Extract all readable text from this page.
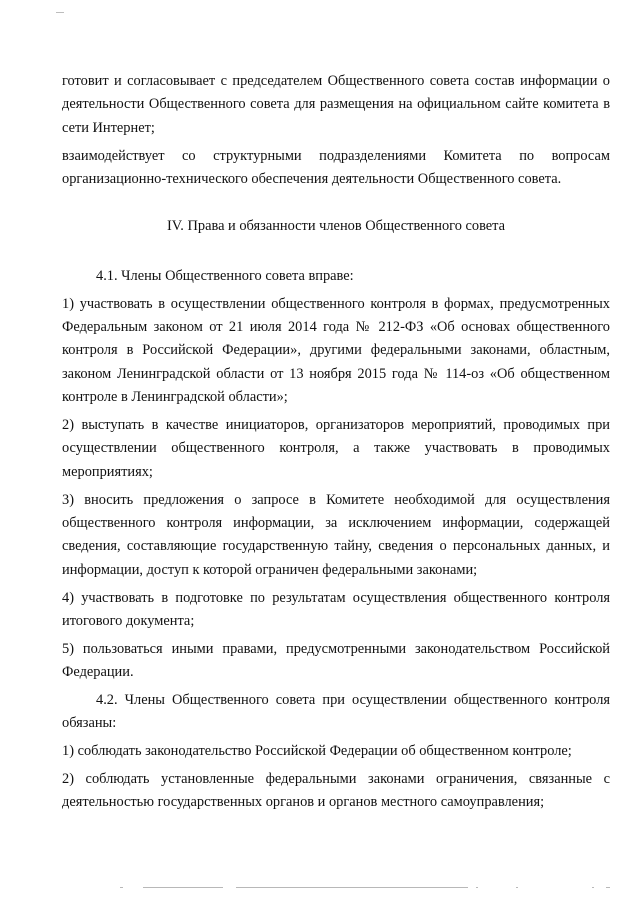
готовит и согласовывает с председателем Общественного совета состав информации о деятельности Общественного совета для размещения на официальном сайте комитета в сети Интернет;

взаимодействует со структурными подразделениями Комитета по вопросам организационно-технического обеспечения деятельности Общественного совета.

IV. Права и обязанности членов Общественного совета

4.1. Члены Общественного совета вправе:

1) участвовать в осуществлении общественного контроля в формах, предусмотренных Федеральным законом от 21 июля 2014 года № 212-ФЗ «Об основах общественного контроля в Российской Федерации», другими федеральными законами, областным, законом Ленинградской области от 13 ноября 2015 года № 114-оз «Об общественном контроле в Ленинградской области»;

2) выступать в качестве инициаторов, организаторов мероприятий, проводимых при осуществлении общественного контроля, а также участвовать в проводимых мероприятиях;

3) вносить предложения о запросе в Комитете необходимой для осуществления общественного контроля информации, за исключением информации, содержащей сведения, составляющие государственную тайну, сведения о персональных данных, и информации, доступ к которой ограничен федеральными законами;

4) участвовать в подготовке по результатам осуществления общественного контроля итогового документа;

5) пользоваться иными правами, предусмотренными законодательством Российской Федерации.

4.2. Члены Общественного совета при осуществлении общественного контроля обязаны:

1) соблюдать законодательство Российской Федерации об общественном контроле;

2) соблюдать установленные федеральными законами ограничения, связанные с деятельностью государственных органов и органов местного самоуправления;
